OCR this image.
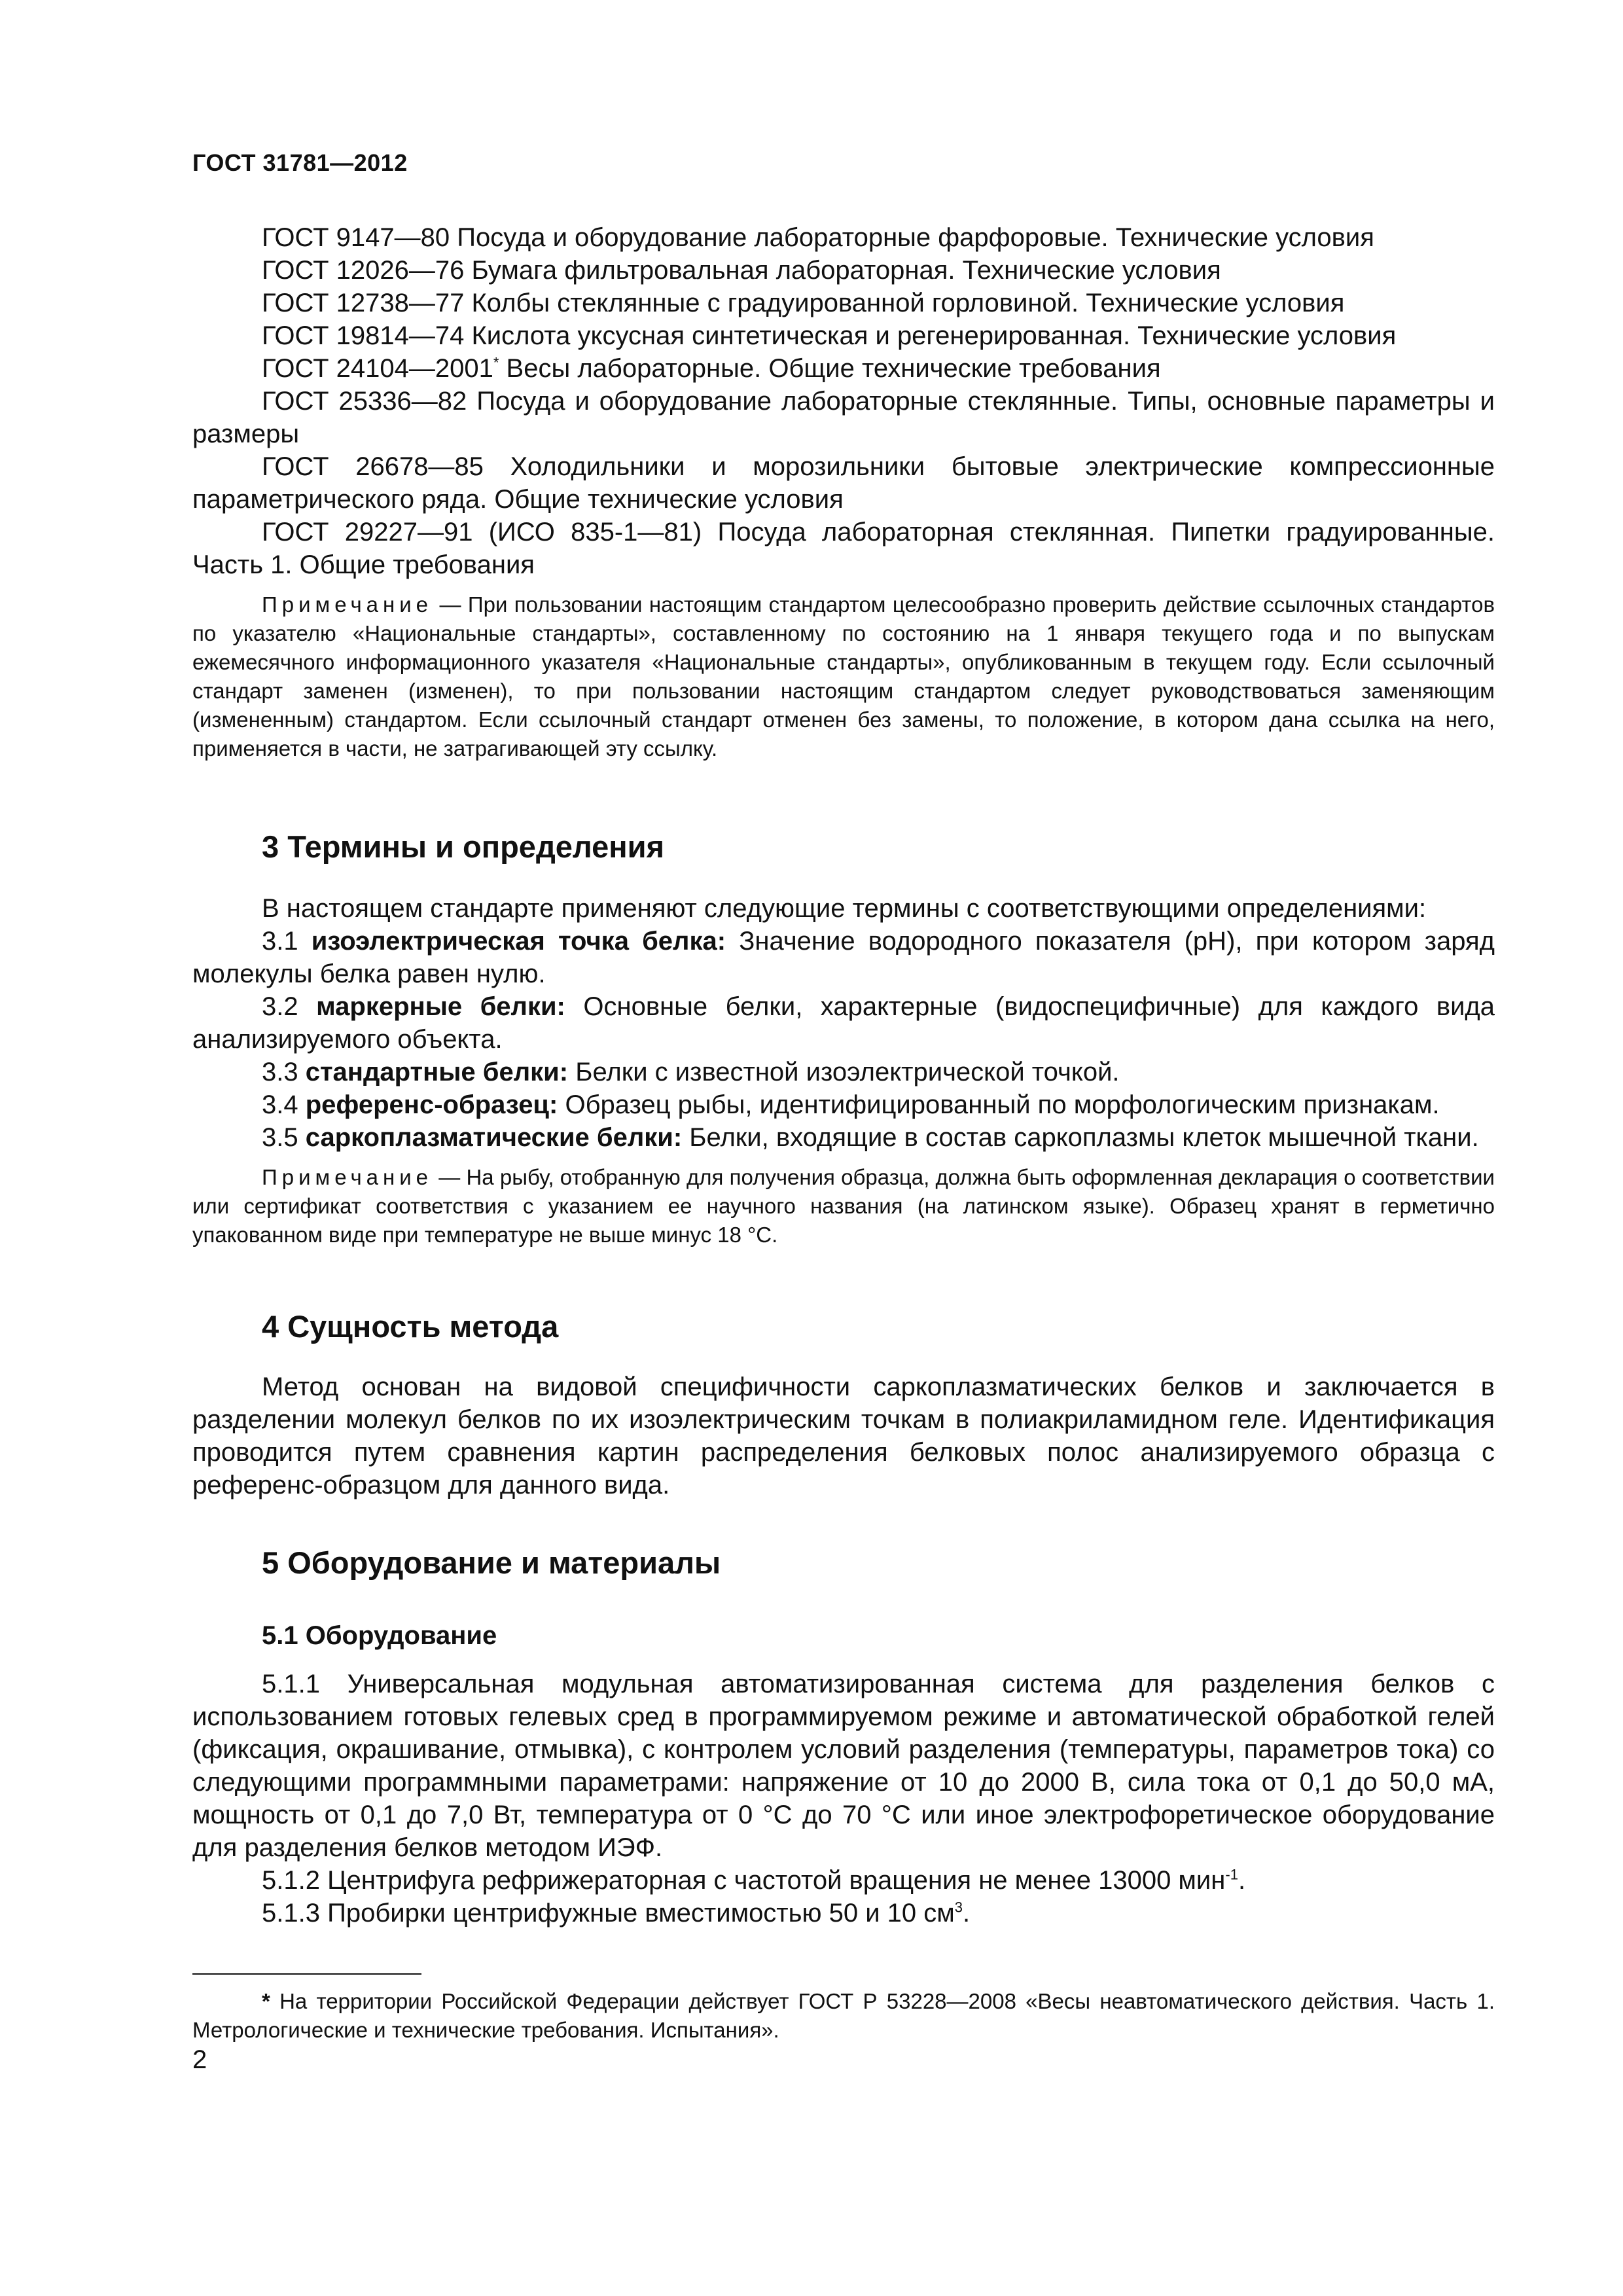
ГОСТ 31781—2012

ГОСТ 9147—80 Посуда и оборудование лабораторные фарфоровые. Технические условия

ГОСТ 12026—76 Бумага фильтровальная лабораторная. Технические условия

ГОСТ 12738—77 Колбы стеклянные с градуированной горловиной. Технические условия

ГОСТ 19814—74 Кислота уксусная синтетическая и регенерированная. Технические условия

ГОСТ 24104—2001* Весы лабораторные. Общие технические требования

ГОСТ 25336—82 Посуда и оборудование лабораторные стеклянные. Типы, основные параметры и размеры

ГОСТ 26678—85 Холодильники и морозильники бытовые электрические компрессионные параметрического ряда. Общие технические условия

ГОСТ 29227—91 (ИСО 835-1—81) Посуда лабораторная стеклянная. Пипетки градуированные. Часть 1. Общие требования

Примечание — При пользовании настоящим стандартом целесообразно проверить действие ссылочных стандартов по указателю «Национальные стандарты», составленному по состоянию на 1 января текущего года и по выпускам ежемесячного информационного указателя «Национальные стандарты», опубликованным в текущем году. Если ссылочный стандарт заменен (изменен), то при пользовании настоящим стандартом следует руководствоваться заменяющим (измененным) стандартом. Если ссылочный стандарт отменен без замены, то положение, в котором дана ссылка на него, применяется в части, не затрагивающей эту ссылку.

3 Термины и определения

В настоящем стандарте применяют следующие термины с соответствующими определениями:

3.1 изоэлектрическая точка белка: Значение водородного показателя (pH), при котором заряд молекулы белка равен нулю.

3.2 маркерные белки: Основные белки, характерные (видоспецифичные) для каждого вида анализируемого объекта.

3.3 стандартные белки: Белки с известной изоэлектрической точкой.

3.4 референс-образец: Образец рыбы, идентифицированный по морфологическим признакам.

3.5 саркоплазматические белки: Белки, входящие в состав саркоплазмы клеток мышечной ткани.

Примечание — На рыбу, отобранную для получения образца, должна быть оформленная декларация о соответствии или сертификат соответствия с указанием ее научного названия (на латинском языке). Образец хранят в герметично упакованном виде при температуре не выше минус 18 °С.

4 Сущность метода

Метод основан на видовой специфичности саркоплазматических белков и заключается в разделении молекул белков по их изоэлектрическим точкам в полиакриламидном геле. Идентификация проводится путем сравнения картин распределения белковых полос анализируемого образца с референс-образцом для данного вида.

5 Оборудование и материалы
5.1 Оборудование

5.1.1 Универсальная модульная автоматизированная система для разделения белков с использованием готовых гелевых сред в программируемом режиме и автоматической обработкой гелей (фиксация, окрашивание, отмывка), с контролем условий разделения (температуры, параметров тока) со следующими программными параметрами: напряжение от 10 до 2000 В, сила тока от 0,1 до 50,0 мА, мощность от 0,1 до 7,0 Вт, температура от 0 °С до 70 °С или иное электрофоретическое оборудование для разделения белков методом ИЭФ.

5.1.2 Центрифуга рефрижераторная с частотой вращения не менее 13000 мин$^{-1}$.

5.1.3 Пробирки центрифужные вместимостью 50 и 10 $см^3$.

* На территории Российской Федерации действует ГОСТ Р 53228—2008 «Весы неавтоматического действия. Часть 1. Метрологические и технические требования. Испытания».

2
